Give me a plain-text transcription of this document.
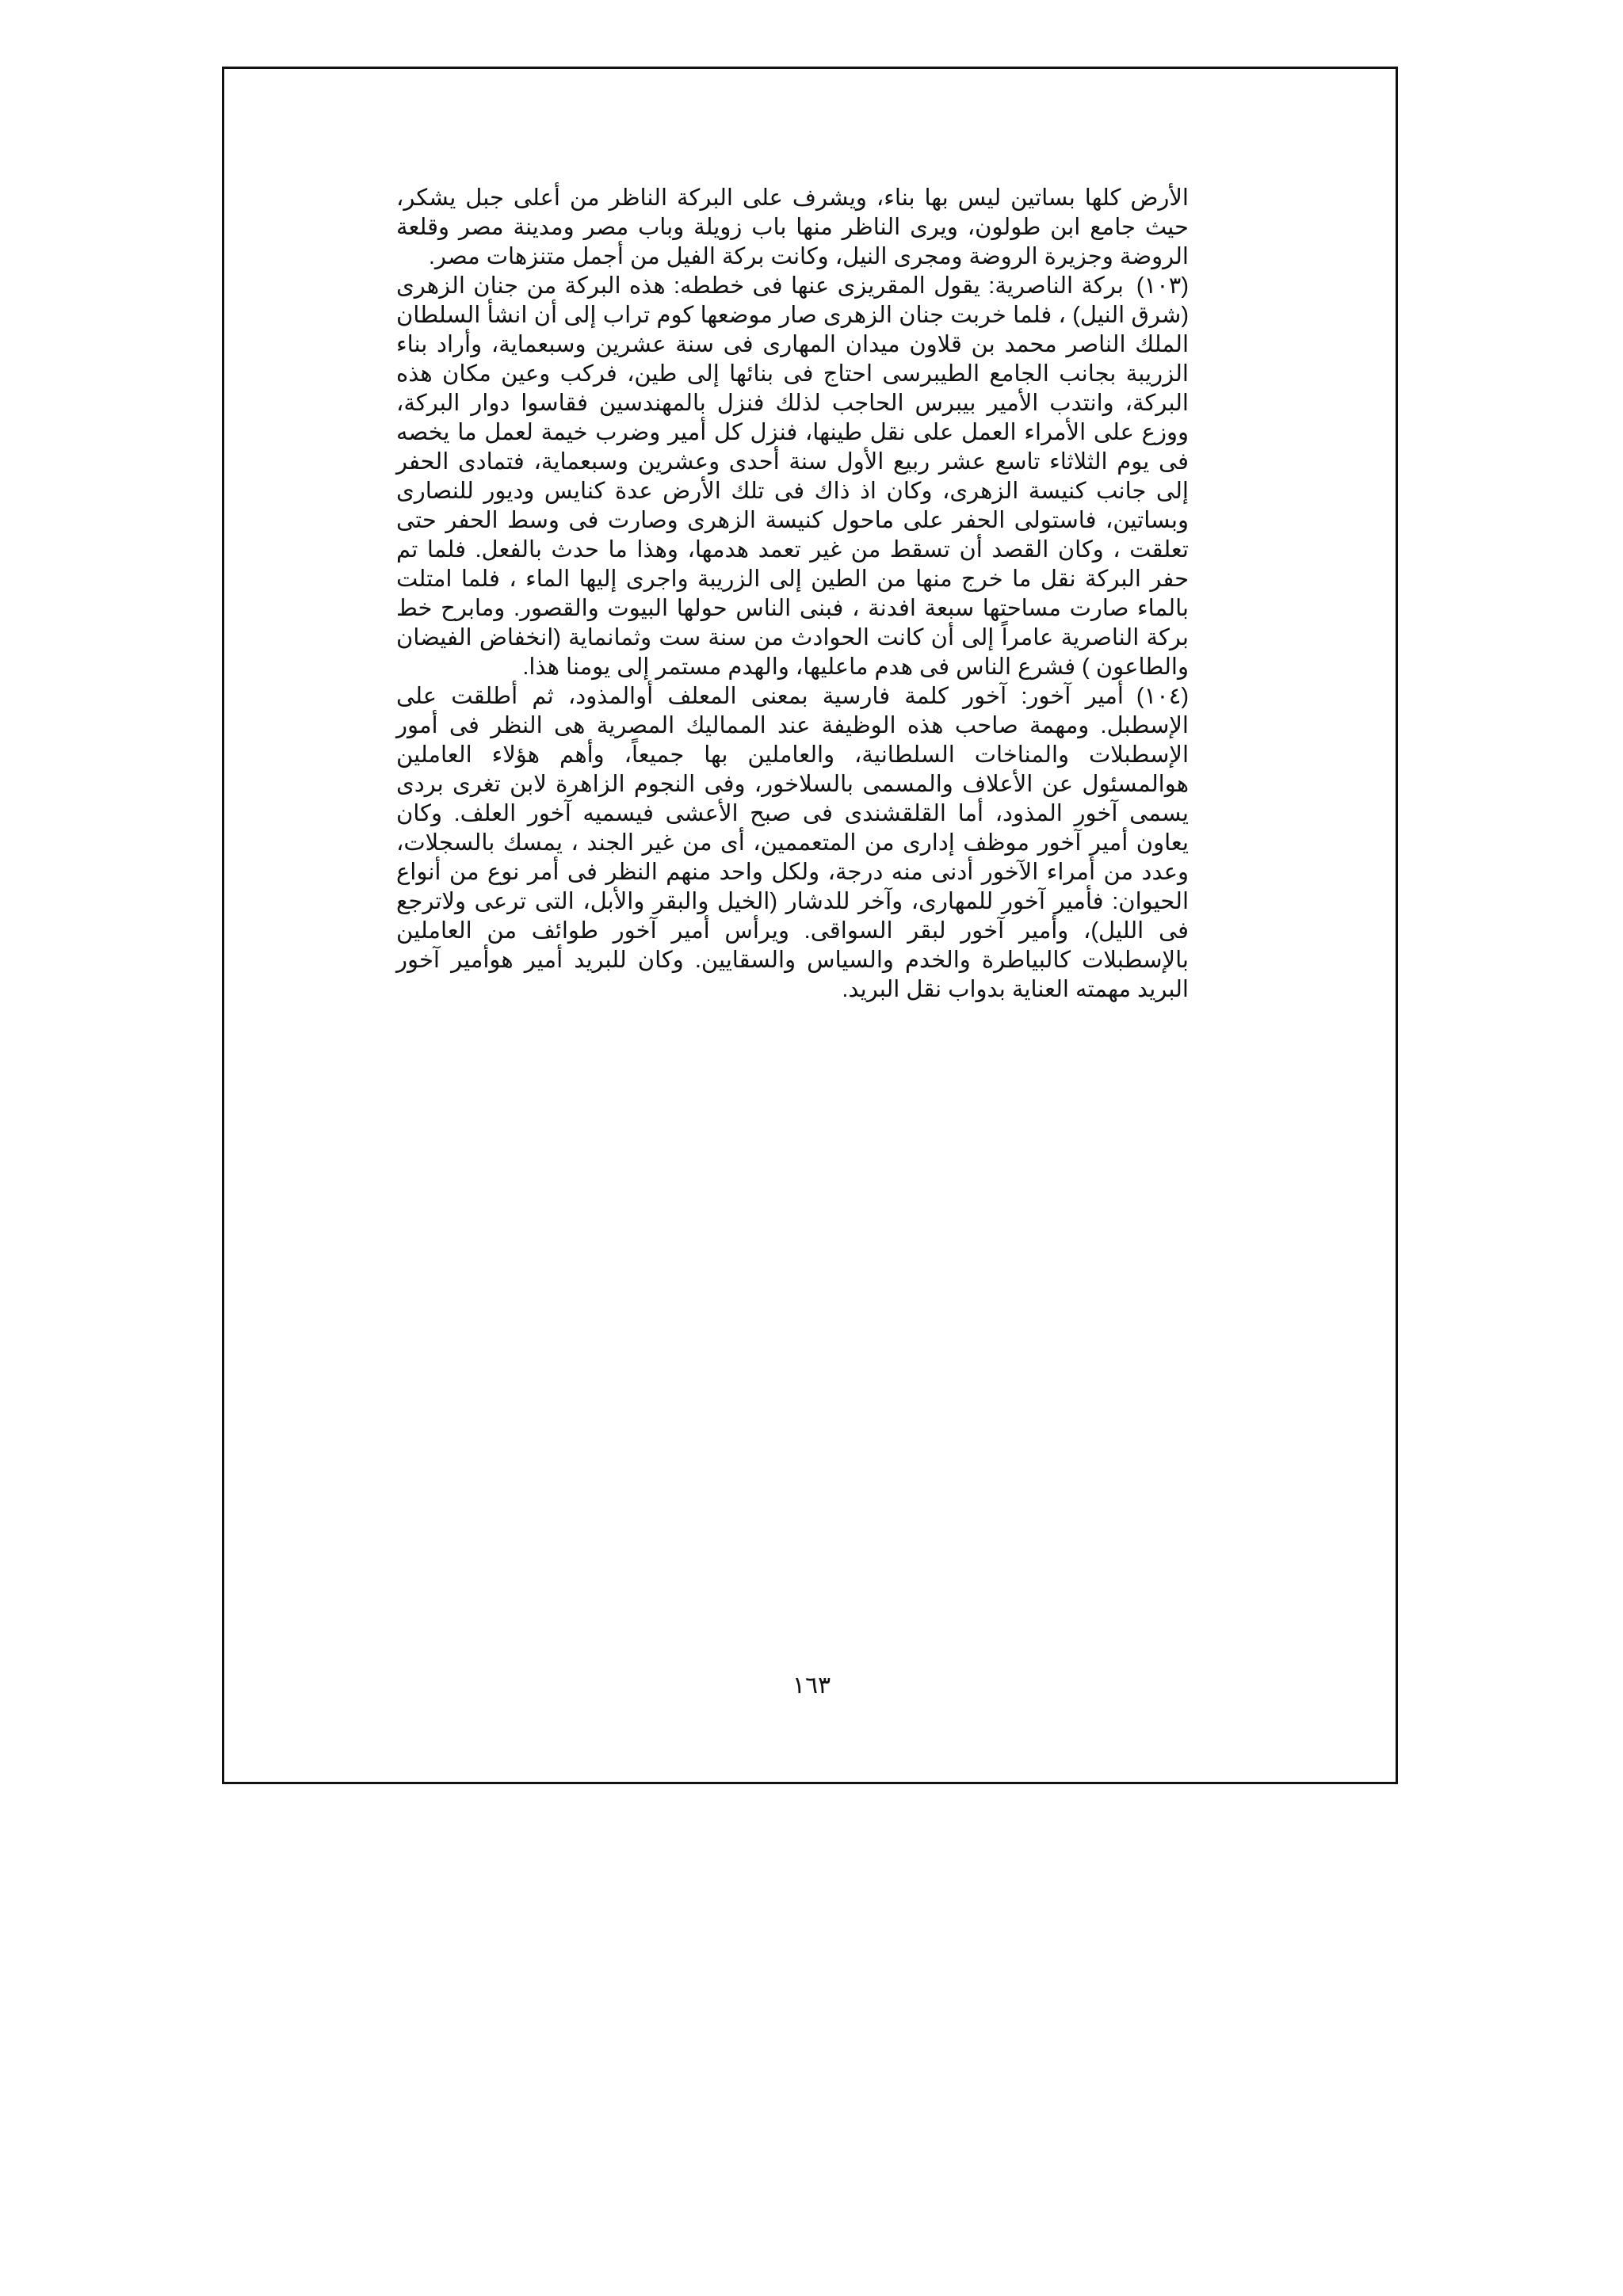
الأرض كلها بساتين ليس بها بناء، ويشرف على البركة الناظر من أعلى جبل يشكر، حيث جامع ابن طولون، ويرى الناظر منها باب زويلة وباب مصر ومدينة مصر وقلعة الروضة وجزيرة الروضة ومجرى النيل، وكانت بركة الفيل من أجمل متنزهات مصر.

(١٠٣)بركة الناصرية: يقول المقريزى عنها فى خططه: هذه البركة من جنان الزهرى (شرق النيل) ، فلما خربت جنان الزهرى صار موضعها كوم تراب إلى أن انشأ السلطان الملك الناصر محمد بن قلاون ميدان المهارى فى سنة عشرين وسبعماية، وأراد بناء الزريبة بجانب الجامع الطيبرسى احتاج فى بنائها إلى طين، فركب وعين مكان هذه البركة، وانتدب الأمير بيبرس الحاجب لذلك فنزل بالمهندسين فقاسوا دوار البركة، ووزع على الأمراء العمل على نقل طينها، فنزل كل أمير وضرب خيمة لعمل ما يخصه فى يوم الثلاثاء تاسع عشر ربيع الأول سنة أحدى وعشرين وسبعماية، فتمادى الحفر إلى جانب كنيسة الزهرى، وكان اذ ذاك فى تلك الأرض عدة كنايس وديور للنصارى وبساتين، فاستولى الحفر على ماحول كنيسة الزهرى وصارت فى وسط الحفر حتى تعلقت ، وكان القصد أن تسقط من غير تعمد هدمها، وهذا ما حدث بالفعل. فلما تم حفر البركة نقل ما خرج منها من الطين إلى الزريبة واجرى إليها الماء ، فلما امتلت بالماء صارت مساحتها سبعة افدنة ، فبنى الناس حولها البيوت والقصور. ومابرح خط بركة الناصرية عامراً إلى أن كانت الحوادث من سنة ست وثمانماية (انخفاض الفيضان والطاعون ) فشرع الناس فى هدم ماعليها، والهدم مستمر إلى يومنا هذا.

(١٠٤)أمير آخور: آخور كلمة فارسية بمعنى المعلف أوالمذود، ثم أطلقت على الإسطبل. ومهمة صاحب هذه الوظيفة عند المماليك المصرية هى النظر فى أمور الإسطبلات والمناخات السلطانية، والعاملين بها جميعاً، وأهم هؤلاء العاملين هوالمسئول عن الأعلاف والمسمى بالسلاخور، وفى النجوم الزاهرة لابن تغرى بردى يسمى آخور المذود، أما القلقشندى فى صبح الأعشى فيسميه آخور العلف. وكان يعاون أمير آخور موظف إدارى من المتعممين، أى من غير الجند ، يمسك بالسجلات، وعدد من أمراء الآخور أدنى منه درجة، ولكل واحد منهم النظر فى أمر نوع من أنواع الحيوان: فأمير آخور للمهارى، وآخر للدشار (الخيل والبقر والأبل، التى ترعى ولاترجع فى الليل)، وأمير آخور لبقر السواقى. ويرأس أمير آخور طوائف من العاملين بالإسطبلات كالبياطرة والخدم والسياس والسقايين. وكان للبريد أمير هوأمير آخور البريد مهمته العناية بدواب نقل البريد.

١٦٣
